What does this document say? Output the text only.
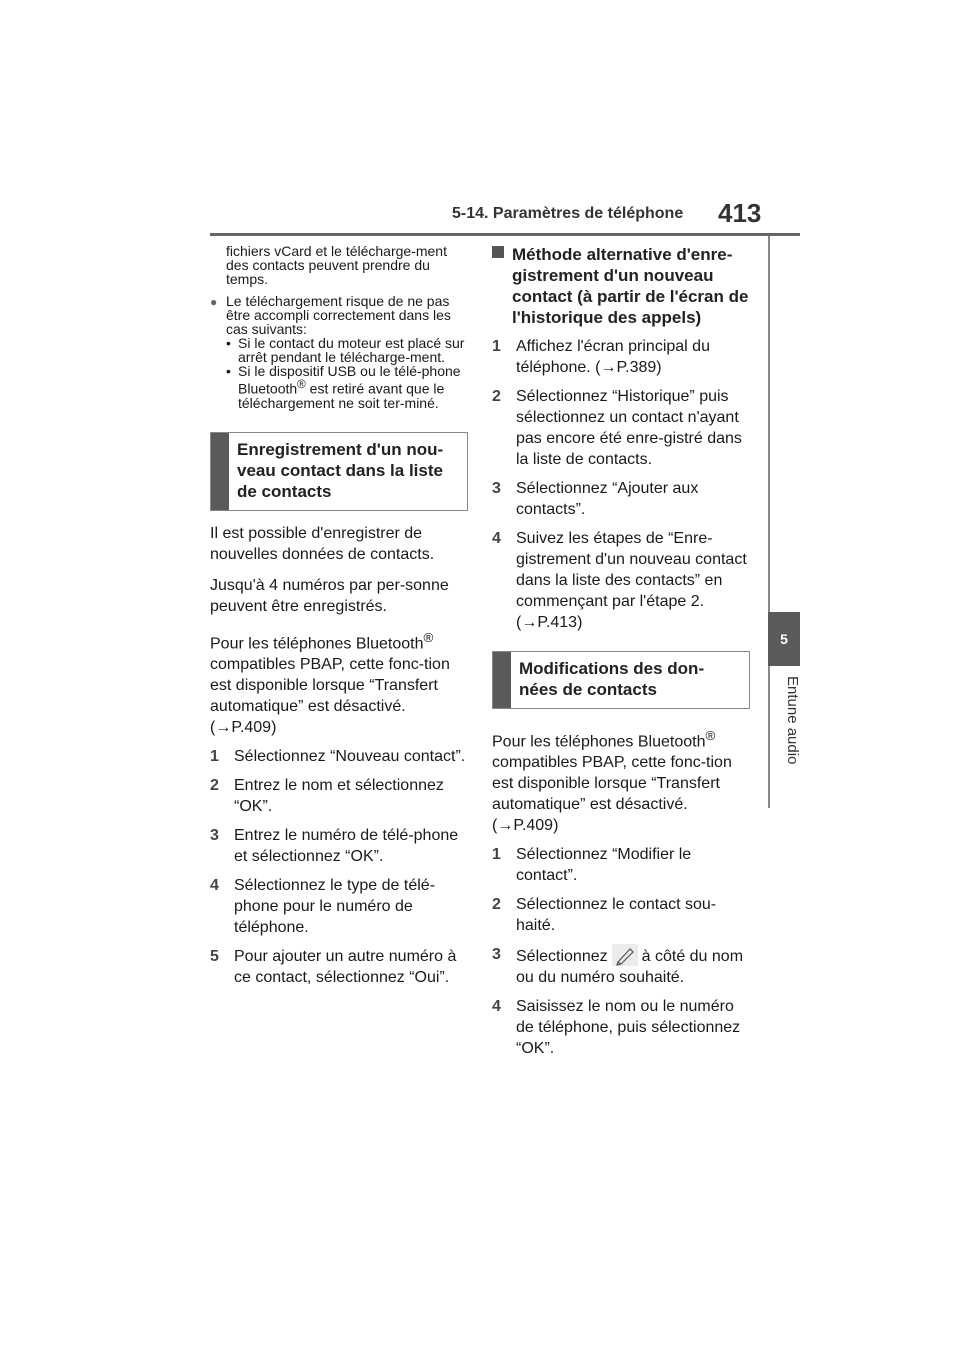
5-14. Paramètres de téléphone 413
5
Entune audio

fichiers vCard et le télécharge-ment des contacts peuvent prendre du temps.

● Le téléchargement risque de ne pas être accompli correctement dans les cas suivants:

• Si le contact du moteur est placé sur arrêt pendant le télécharge-ment.

• Si le dispositif USB ou le télé-phone Bluetooth® est retiré avant que le téléchargement ne soit ter-miné.

Enregistrement d'un nou-veau contact dans la liste de contacts

Il est possible d'enregistrer de nouvelles données de contacts.

Jusqu'à 4 numéros par per-sonne peuvent être enregistrés.

Pour les téléphones Bluetooth® compatibles PBAP, cette fonc-tion est disponible lorsque “Transfert automatique” est désactivé. (→P.409)

1 Sélectionnez “Nouveau contact”.
2 Entrez le nom et sélectionnez “OK”.
3 Entrez le numéro de télé-phone et sélectionnez “OK”.
4 Sélectionnez le type de télé-phone pour le numéro de téléphone.
5 Pour ajouter un autre numéro à ce contact, sélectionnez “Oui”.
Méthode alternative d'enre-gistrement d'un nouveau contact (à partir de l'écran de l'historique des appels)
1 Affichez l'écran principal du téléphone. (→P.389)
2 Sélectionnez “Historique” puis sélectionnez un contact n'ayant pas encore été enre-gistré dans la liste de contacts.
3 Sélectionnez “Ajouter aux contacts”.
4 Suivez les étapes de “Enre-gistrement d'un nouveau contact dans la liste des contacts” en commençant par l'étape 2. (→P.413)
Modifications des don-nées de contacts

Pour les téléphones Bluetooth® compatibles PBAP, cette fonc-tion est disponible lorsque “Transfert automatique” est désactivé. (→P.409)

1 Sélectionnez “Modifier le contact”.
2 Sélectionnez le contact sou-haité.
3 Sélectionnez à côté du nom ou du numéro souhaité.
4 Saisissez le nom ou le numéro de téléphone, puis sélectionnez “OK”.
